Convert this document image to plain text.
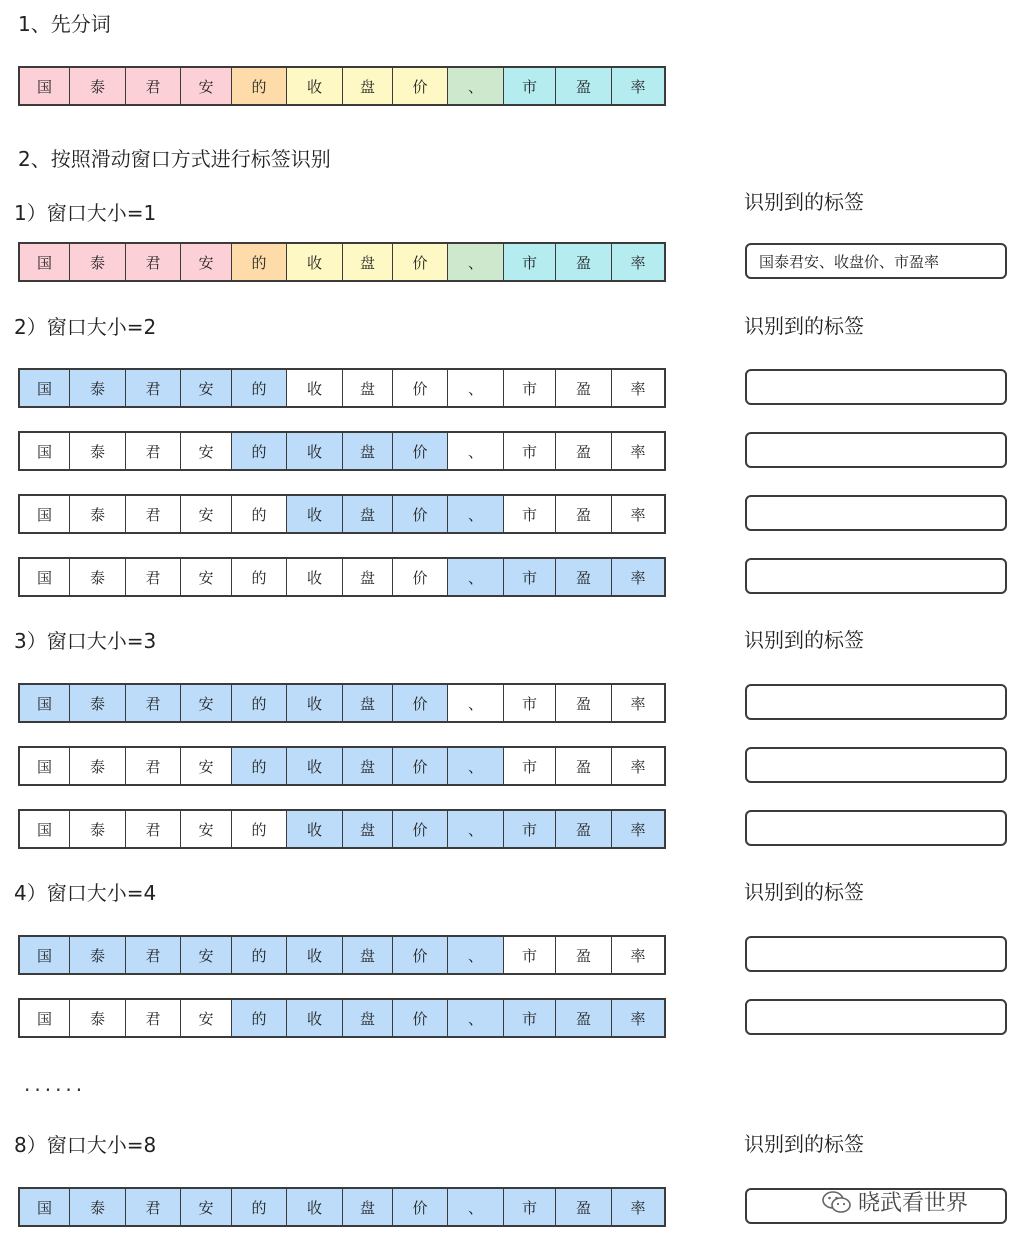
1、先分词
2、按照滑动窗口方式进行标签识别
1）窗口大小=1	识别到的标签
2）窗口大小=2	识别到的标签
3）窗口大小=3	识别到的标签
4）窗口大小=4	识别到的标签
......
8）窗口大小=8	识别到的标签
国	泰	君	安	的	收	盘	价	、	市	盈	率
国	泰	君	安	的	收	盘	价	、	市	盈	率	国泰君安、收盘价、市盈率
国	泰	君	安	的	收	盘	价	、	市	盈	率
国	泰	君	安	的	收	盘	价	、	市	盈	率
国	泰	君	安	的	收	盘	价	、	市	盈	率
国	泰	君	安	的	收	盘	价	、	市	盈	率
国	泰	君	安	的	收	盘	价	、	市	盈	率
国	泰	君	安	的	收	盘	价	、	市	盈	率
国	泰	君	安	的	收	盘	价	、	市	盈	率
国	泰	君	安	的	收	盘	价	、	市	盈	率
国	泰	君	安	的	收	盘	价	、	市	盈	率
国	泰	君	安	的	收	盘	价	、	市	盈	率	晓武看世界
